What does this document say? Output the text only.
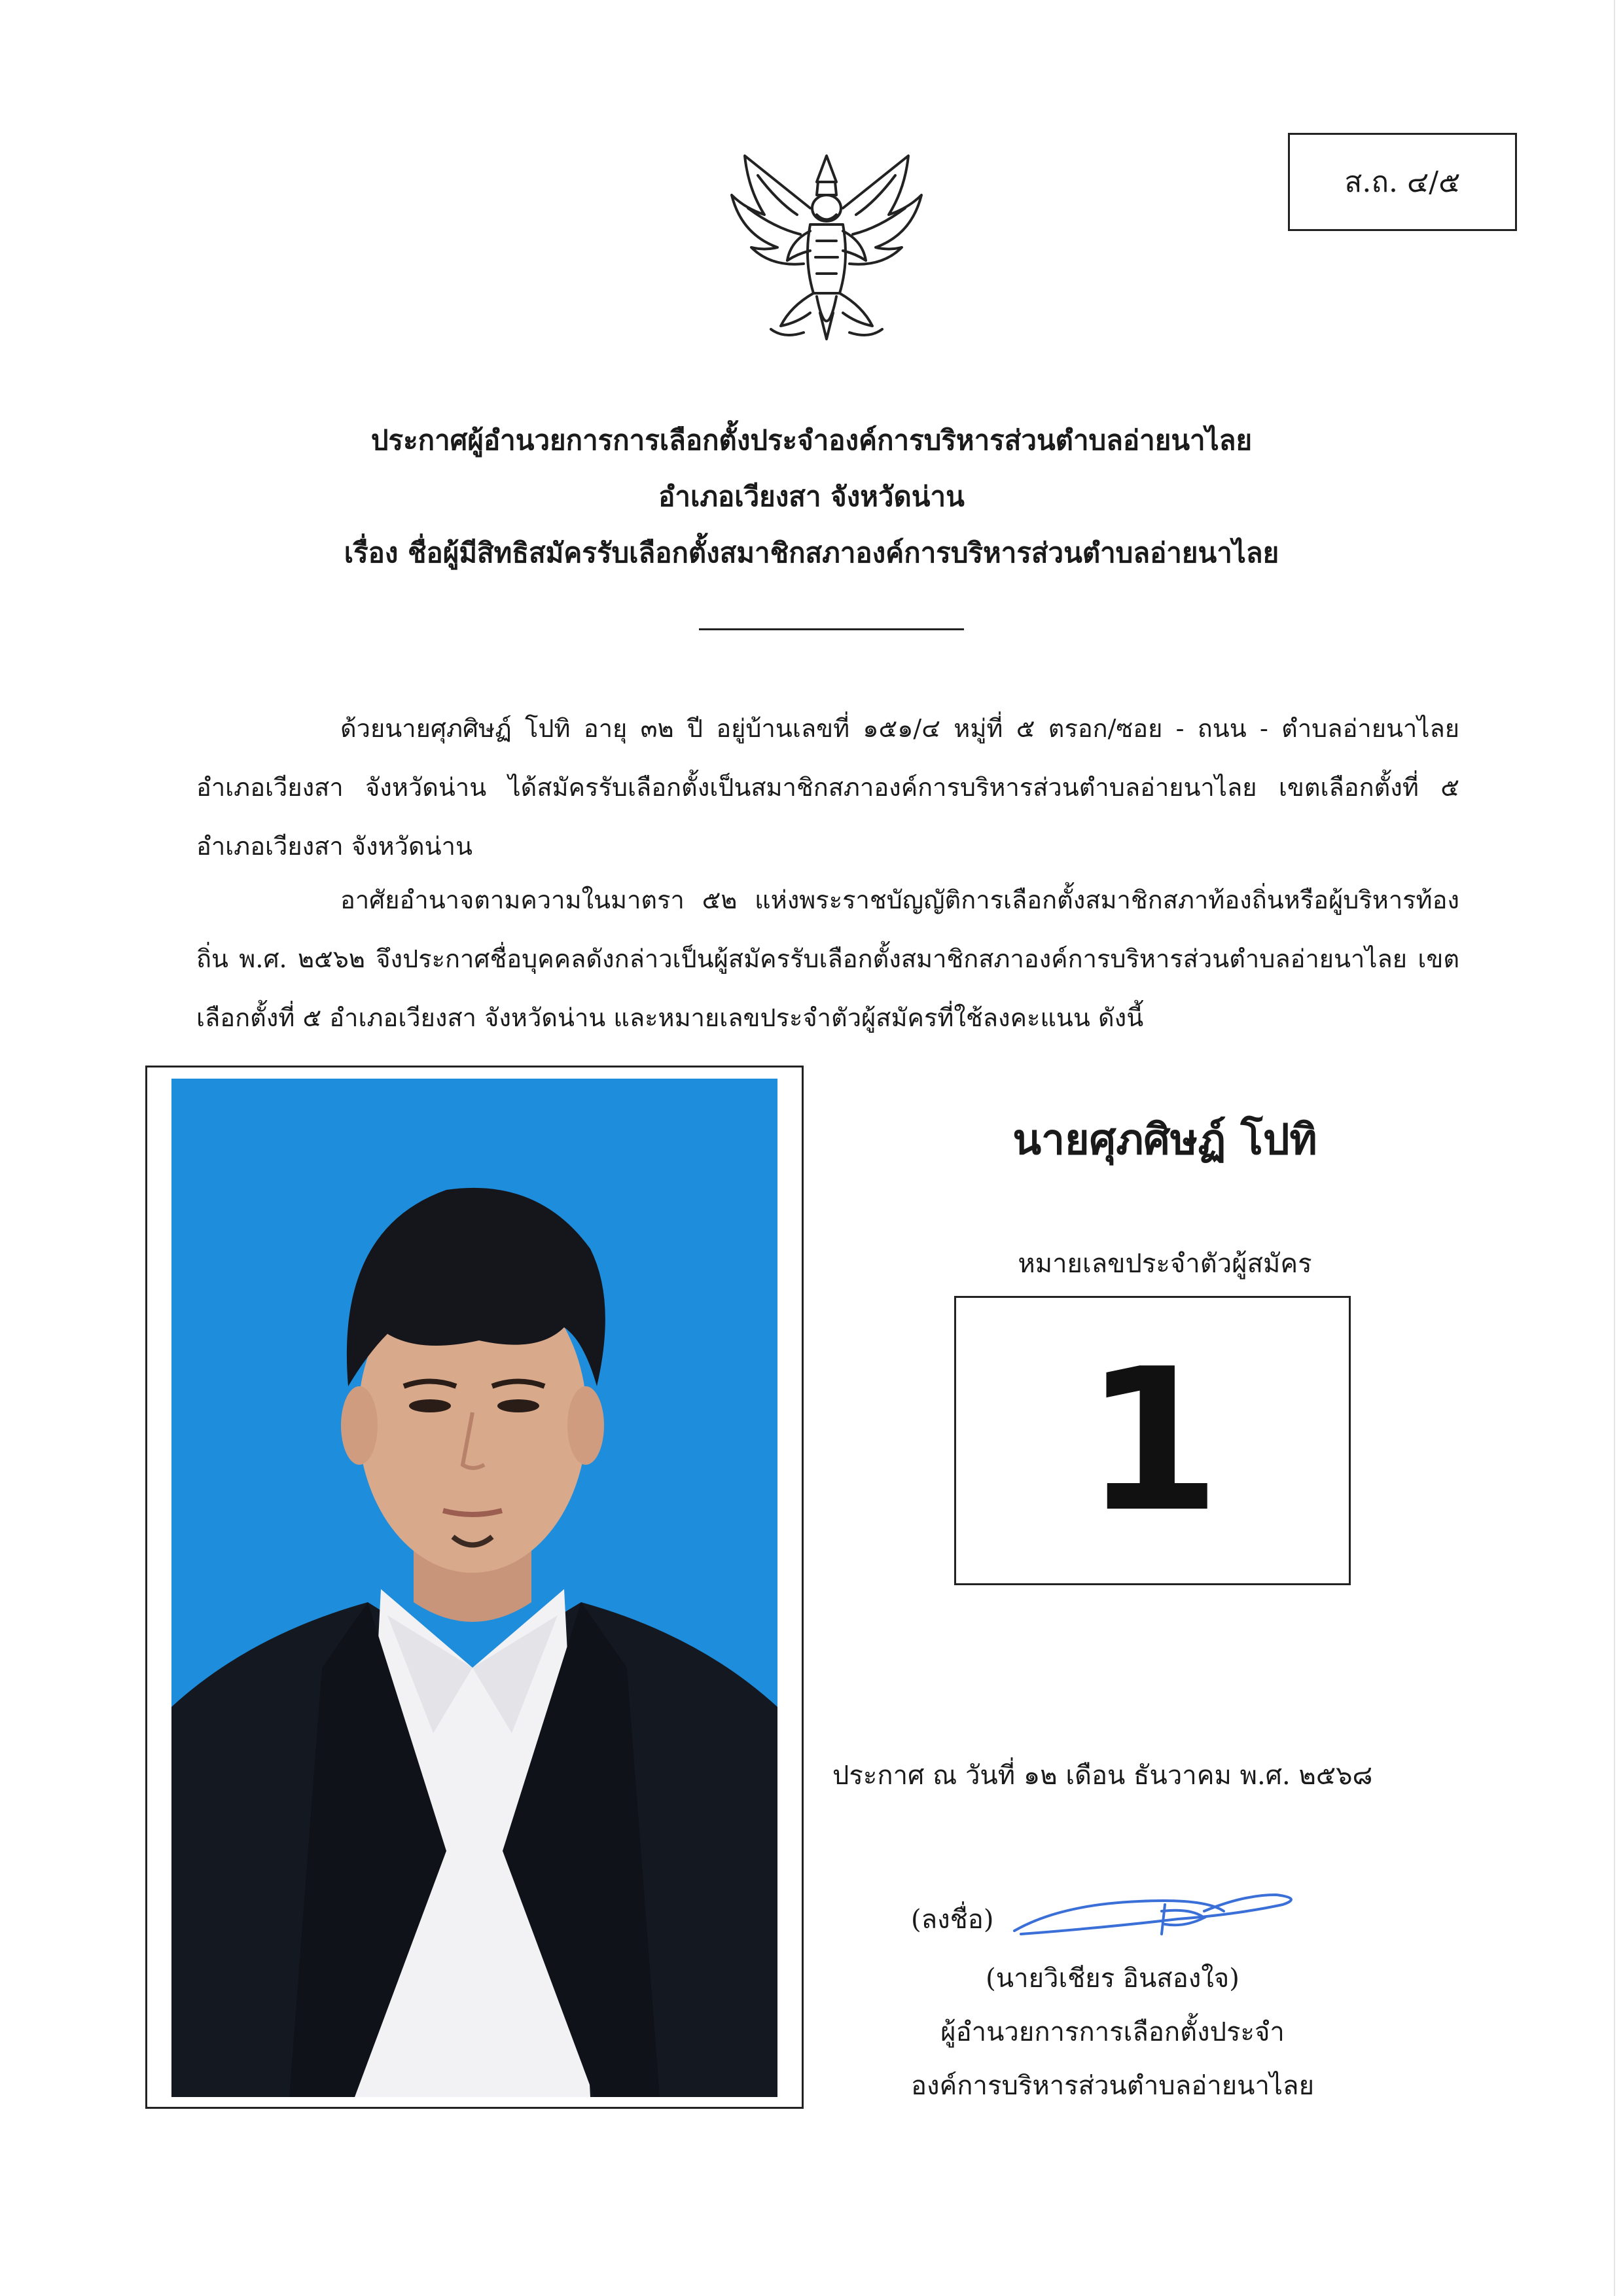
ส.ถ. ๔/๕
ประกาศผู้อำนวยการการเลือกตั้งประจำองค์การบริหารส่วนตำบลอ่ายนาไลย
อำเภอเวียงสา จังหวัดน่าน
เรื่อง ชื่อผู้มีสิทธิสมัครรับเลือกตั้งสมาชิกสภาองค์การบริหารส่วนตำบลอ่ายนาไลย

ด้วยนายศุภศิษฏ์ โปทิ อายุ ๓๒ ปี อยู่บ้านเลขที่ ๑๕๑/๔ หมู่ที่ ๕ ตรอก/ซอย - ถนน - ตำบลอ่ายนาไลย อำเภอเวียงสา จังหวัดน่าน ได้สมัครรับเลือกตั้งเป็นสมาชิกสภาองค์การบริหารส่วนตำบลอ่ายนาไลย เขตเลือกตั้งที่ ๕ อำเภอเวียงสา จังหวัดน่าน

อาศัยอำนาจตามความในมาตรา ๕๒ แห่งพระราชบัญญัติการเลือกตั้งสมาชิกสภาท้องถิ่นหรือผู้บริหารท้องถิ่น พ.ศ. ๒๕๖๒ จึงประกาศชื่อบุคคลดังกล่าวเป็นผู้สมัครรับเลือกตั้งสมาชิกสภาองค์การบริหารส่วนตำบลอ่ายนาไลย เขตเลือกตั้งที่ ๕ อำเภอเวียงสา จังหวัดน่าน และหมายเลขประจำตัวผู้สมัครที่ใช้ลงคะแนน ดังนี้

นายศุภศิษฏ์ โปทิ
หมายเลขประจำตัวผู้สมัคร
1
ประกาศ ณ วันที่ ๑๒ เดือน ธันวาคม พ.ศ. ๒๕๖๘
(ลงชื่อ)
(นายวิเชียร อินสองใจ)
ผู้อำนวยการการเลือกตั้งประจำ
องค์การบริหารส่วนตำบลอ่ายนาไลย
